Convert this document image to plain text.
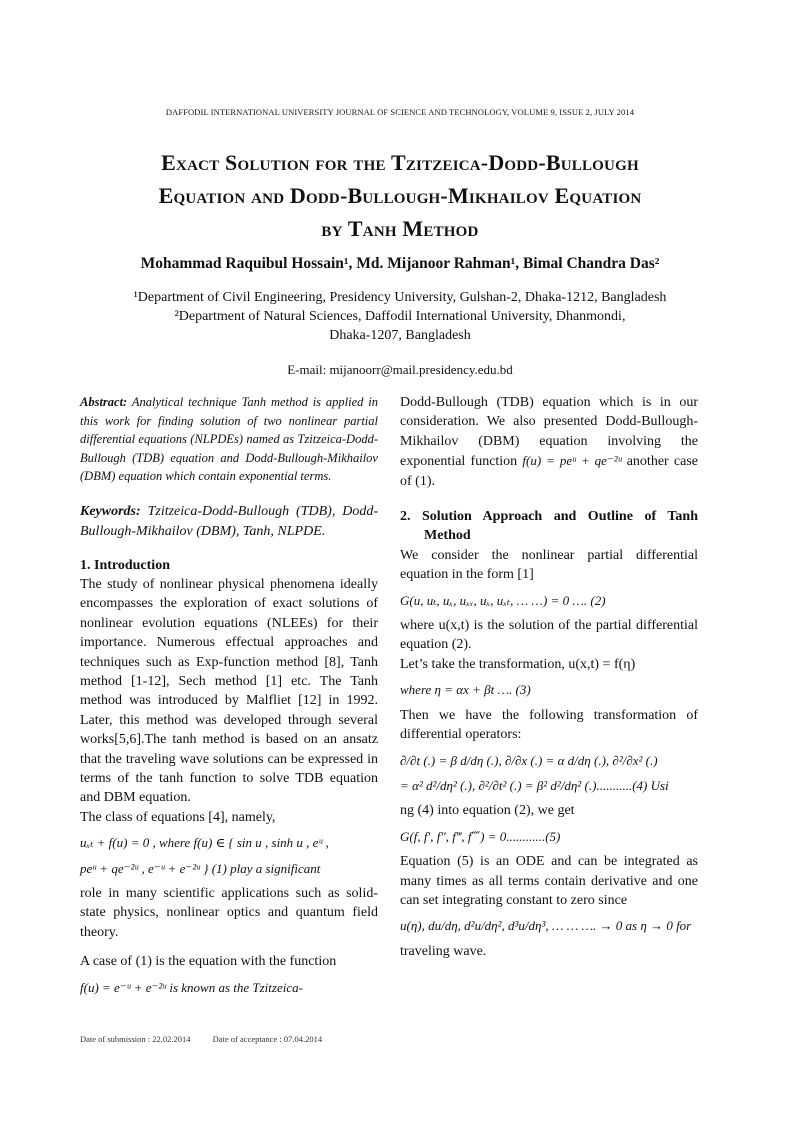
DAFFODIL INTERNATIONAL UNIVERSITY JOURNAL OF SCIENCE AND TECHNOLOGY, VOLUME 9, ISSUE 2, JULY 2014
Exact Solution for the Tzitzeica-Dodd-Bullough
Equation and Dodd-Bullough-Mikhailov Equation
by Tanh Method
Mohammad Raquibul Hossain¹, Md. Mijanoor Rahman¹, Bimal Chandra Das²
¹Department of Civil Engineering, Presidency University, Gulshan-2, Dhaka-1212, Bangladesh
²Department of Natural Sciences, Daffodil International University, Dhanmondi,
Dhaka-1207, Bangladesh
E-mail: mijanoorr@mail.presidency.edu.bd

Abstract: Analytical technique Tanh method is applied in this work for finding solution of two nonlinear partial differential equations (NLPDEs) named as Tzitzeica-Dodd-Bullough (TDB) equation and Dodd-Bullough-Mikhailov (DBM) equation which contain exponential terms.

Keywords: Tzitzeica-Dodd-Bullough (TDB), Dodd-Bullough-Mikhailov (DBM), Tanh, NLPDE.

1. Introduction

The study of nonlinear physical phenomena ideally encompasses the exploration of exact solutions of nonlinear evolution equations (NLEEs) for their importance. Numerous effectual approaches and techniques such as Exp-function method [8], Tanh method [1-12], Sech method [1] etc. The Tanh method was introduced by Malfliet [12] in 1992. Later, this method was developed through several works[5,6].The tanh method is based on an ansatz that the traveling wave solutions can be expressed in terms of the tanh function to solve TDB equation and DBM equation.

The class of equations [4], namely,

uₓₜ + f(u) = 0 , where f(u) ∈ { sin u , sinh u , eᵘ ,

peᵘ + qe⁻²ᵘ , e⁻ᵘ + e⁻²ᵘ } (1) play a significant

role in many scientific applications such as solid-state physics, nonlinear optics and quantum field theory.

A case of (1) is the equation with the function

f(u) = e⁻ᵘ + e⁻²ᵘ is known as the Tzitzeica-

Dodd-Bullough (TDB) equation which is in our consideration. We also presented Dodd-Bullough-Mikhailov (DBM) equation involving the exponential function f(u) = peᵘ + qe⁻²ᵘ another case of (1).

2. Solution Approach and Outline of Tanh Method

We consider the nonlinear partial differential equation in the form [1]

G(u, uₜ, uₓ, uₓₓ, uₓ, uₓₜ, … …) = 0 …. (2)

where u(x,t) is the solution of the partial differential equation (2).

Let’s take the transformation, u(x,t) = f(η)

where η = αx + βt …. (3)

Then we have the following transformation of differential operators:

∂/∂t (.) = β d/dη (.), ∂/∂x (.) = α d/dη (.), ∂²/∂x² (.)

= α² d²/dη² (.), ∂²/∂t² (.) = β² d²/dη² (.)...........(4) Usi

ng (4) into equation (2), we get

G(f, f′, f″, f‴, f⁗) = 0............(5)

Equation (5) is an ODE and can be integrated as many times as all terms contain derivative and one can set integrating constant to zero since

u(η), du/dη, d²u/dη², d³u/dη³, … … …. → 0 as η → 0 for

traveling wave.

Date of submission : 22.02.2014	Date of acceptance : 07.04.2014
